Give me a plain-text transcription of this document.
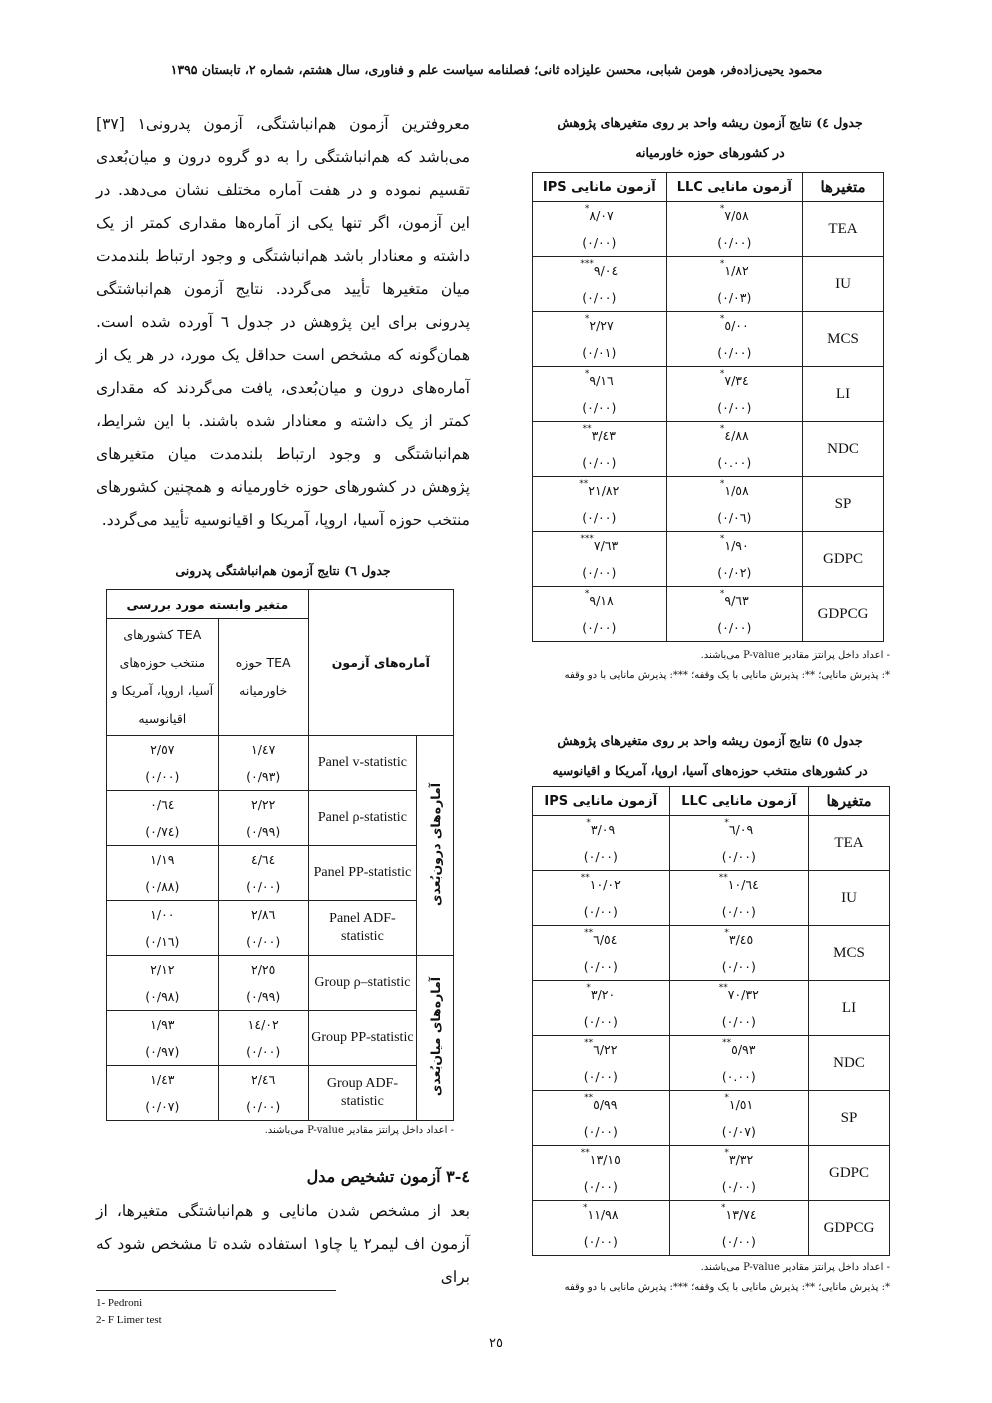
محمود یحیی‌زاده‌فر، هومن شبابی، محسن علیزاده ثانی؛ فصلنامه سیاست علم و فناوری، سال هشتم، شماره ۲، تابستان ۱۳۹۵
جدول ٤) نتایج آزمون ریشه واحد بر روی متغیرهای پژوهش
در کشورهای حوزه خاورمیانه
متغیرها	آزمون مانایی LLC	آزمون مانایی IPS
TEA	٧/٥٨*	٨/٠٧*
	(٠/٠٠)	(٠/٠٠)
IU	١/٨٢*	٩/٠٤***
	(٠/٠٣)	(٠/٠٠)
MCS	٥/٠٠*	٢/٢٧*
	(٠/٠٠)	(٠/٠١)
LI	٧/٣٤*	٩/١٦*
	(٠/٠٠)	(٠/٠٠)
NDC	٤/٨٨*	٣/٤٣**
	(٠.٠٠)	(٠/٠٠)
SP	١/٥٨*	٢١/٨٢**
	(٠/٠٦)	(٠/٠٠)
GDPC	١/٩٠*	٧/٦٣***
	(٠/٠٢)	(٠/٠٠)
GDPCG	٩/٦٣*	٩/١٨*
	(٠/٠٠)	(٠/٠٠)
- اعداد داخل پرانتز مقادیر P-value می‌باشند.
*: پذیرش مانایی؛ **: پذیرش مانایی با یک وقفه؛ ***: پذیرش مانایی با دو وقفه
جدول ٥) نتایج آزمون ریشه واحد بر روی متغیرهای پژوهش
در کشورهای منتخب حوزه‌های آسیا، اروپا، آمریکا و اقیانوسیه
متغیرها	آزمون مانایی LLC	آزمون مانایی IPS
TEA	٦/٠٩*	٣/٠٩*
	(٠/٠٠)	(٠/٠٠)
IU	١٠/٦٤**	١٠/٠٢**
	(٠/٠٠)	(٠/٠٠)
MCS	٣/٤٥*	٦/٥٤**
	(٠/٠٠)	(٠/٠٠)
LI	٧٠/٣٢**	٣/٢٠*
	(٠/٠٠)	(٠/٠٠)
NDC	٥/٩٣**	٦/٢٢**
	(٠.٠٠)	(٠/٠٠)
SP	١/٥١*	٥/٩٩**
	(٠/٠٧)	(٠/٠٠)
GDPC	٣/٣٢*	١٣/١٥**
	(٠/٠٠)	(٠/٠٠)
GDPCG	١٣/٧٤*	١١/٩٨*
	(٠/٠٠)	(٠/٠٠)
- اعداد داخل پرانتز مقادیر P-value می‌باشند.
*: پذیرش مانایی؛ **: پذیرش مانایی با یک وقفه؛ ***: پذیرش مانایی با دو وقفه
معروفترین آزمون هم‌انباشتگی، آزمون پدرونی١ [٣٧] می‌باشد که هم‌انباشتگی را به دو گروه درون و میان‌بُعدی تقسیم نموده و در هفت آماره مختلف نشان می‌دهد. در این آزمون، اگر تنها یکی از آماره‌ها مقداری کمتر از یک داشته و معنادار باشد هم‌انباشتگی و وجود ارتباط بلندمدت میان متغیرها تأیید می‌گردد. نتایج آزمون هم‌انباشتگی پدرونی برای این پژوهش در جدول ٦ آورده شده است. همان‌گونه که مشخص است حداقل یک مورد، در هر یک از آماره‌های درون و میان‌بُعدی، یافت می‌گردند که مقداری کمتر از یک داشته و معنادار شده باشند. با این شرایط، هم‌انباشتگی و وجود ارتباط بلندمدت میان متغیرهای پژوهش در کشورهای حوزه خاورمیانه و همچنین کشورهای منتخب حوزه آسیا، اروپا، آمریکا و اقیانوسیه تأیید می‌گردد.
جدول ٦) نتایج آزمون هم‌انباشتگی پدرونی
آماره‌های آزمون		متغیر وابسته مورد بررسی	
		TEA حوزه خاورمیانه	TEA کشورهای منتخب حوزه‌های آسیا، اروپا، آمریکا و اقیانوسیه
آماره‌های درون‌بُعدی	Panel v-statistic	١/٤٧	٢/٥٧
		(٠/٩٣)	(٠/٠٠)
	Panel ρ-statistic	٢/٢٢	٠/٦٤
		(٠/٩٩)	(٠/٧٤)
	Panel PP-statistic	٤/٦٤	١/١٩
		(٠/٠٠)	(٠/٨٨)
	Panel ADF-statistic	٢/٨٦	١/٠٠
		(٠/٠٠)	(٠/١٦)
آماره‌های میان‌بُعدی	Group ρ–statistic	٢/٢٥	٢/١٢
		(٠/٩٩)	(٠/٩٨)
	Group PP-statistic	١٤/٠٢	١/٩٣
		(٠/٠٠)	(٠/٩٧)
	Group ADF-statistic	٢/٤٦	١/٤٣
		(٠/٠٠)	(٠/٠٧)
- اعداد داخل پرانتز مقادیر P-value می‌باشند.
٤-٣ آزمون تشخیص مدل
بعد از مشخص شدن مانایی و هم‌انباشتگی متغیرها، از آزمون اف لیمر٢ یا چاو١ استفاده شده تا مشخص شود که برای
1- Pedroni
2- F Limer test
٢٥
